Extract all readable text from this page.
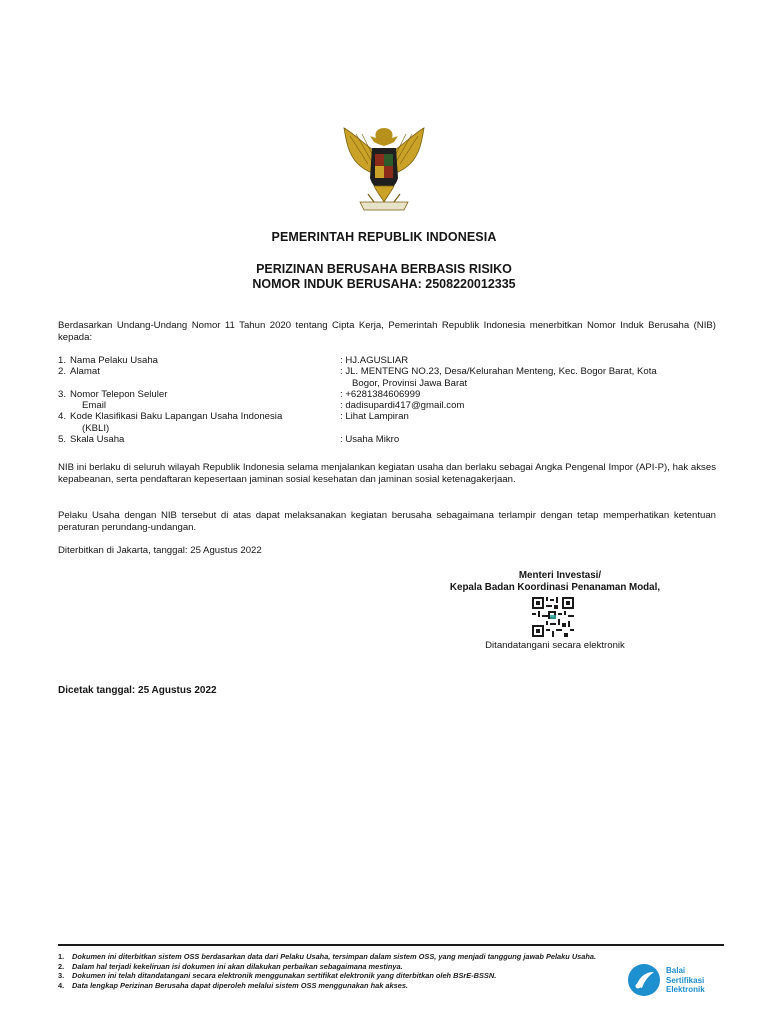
PEMERINTAH REPUBLIK INDONESIA
PERIZINAN BERUSAHA BERBASIS RISIKO
NOMOR INDUK BERUSAHA: 2508220012335
Berdasarkan Undang-Undang Nomor 11 Tahun 2020 tentang Cipta Kerja, Pemerintah Republik Indonesia menerbitkan Nomor Induk Berusaha (NIB) kepada:
1. Nama Pelaku Usaha	: HJ.AGUSLIAR
2. Alamat	: JL. MENTENG NO.23, Desa/Kelurahan Menteng, Kec. Bogor Barat, Kota
Bogor, Provinsi Jawa Barat
3. Nomor Telepon Seluler	: +6281384606999
Email	: dadisupardi417@gmail.com
4. Kode Klasifikasi Baku Lapangan Usaha Indonesia	: Lihat Lampiran
(KBLI)
5. Skala Usaha	: Usaha Mikro
NIB ini berlaku di seluruh wilayah Republik Indonesia selama menjalankan kegiatan usaha dan berlaku sebagai Angka Pengenal Impor (API-P), hak akses kepabeanan, serta pendaftaran kepesertaan jaminan sosial kesehatan dan jaminan sosial ketenagakerjaan.
Pelaku Usaha dengan NIB tersebut di atas dapat melaksanakan kegiatan berusaha sebagaimana terlampir dengan tetap memperhatikan ketentuan peraturan perundang-undangan.
Diterbitkan di Jakarta, tanggal: 25 Agustus 2022
Menteri Investasi/
Kepala Badan Koordinasi Penanaman Modal,
Ditandatangani secara elektronik
Dicetak tanggal: 25 Agustus 2022
1.	Dokumen ini diterbitkan sistem OSS berdasarkan data dari Pelaku Usaha, tersimpan dalam sistem OSS, yang menjadi tanggung jawab Pelaku Usaha.
2.	Dalam hal terjadi kekeliruan isi dokumen ini akan dilakukan perbaikan sebagaimana mestinya.
3.	Dokumen ini telah ditandatangani secara elektronik menggunakan sertifikat elektronik yang diterbitkan oleh BSrE-BSSN.
4.	Data lengkap Perizinan Berusaha dapat diperoleh melalui sistem OSS menggunakan hak akses.
Balai
Sertifikasi
Elektronik
